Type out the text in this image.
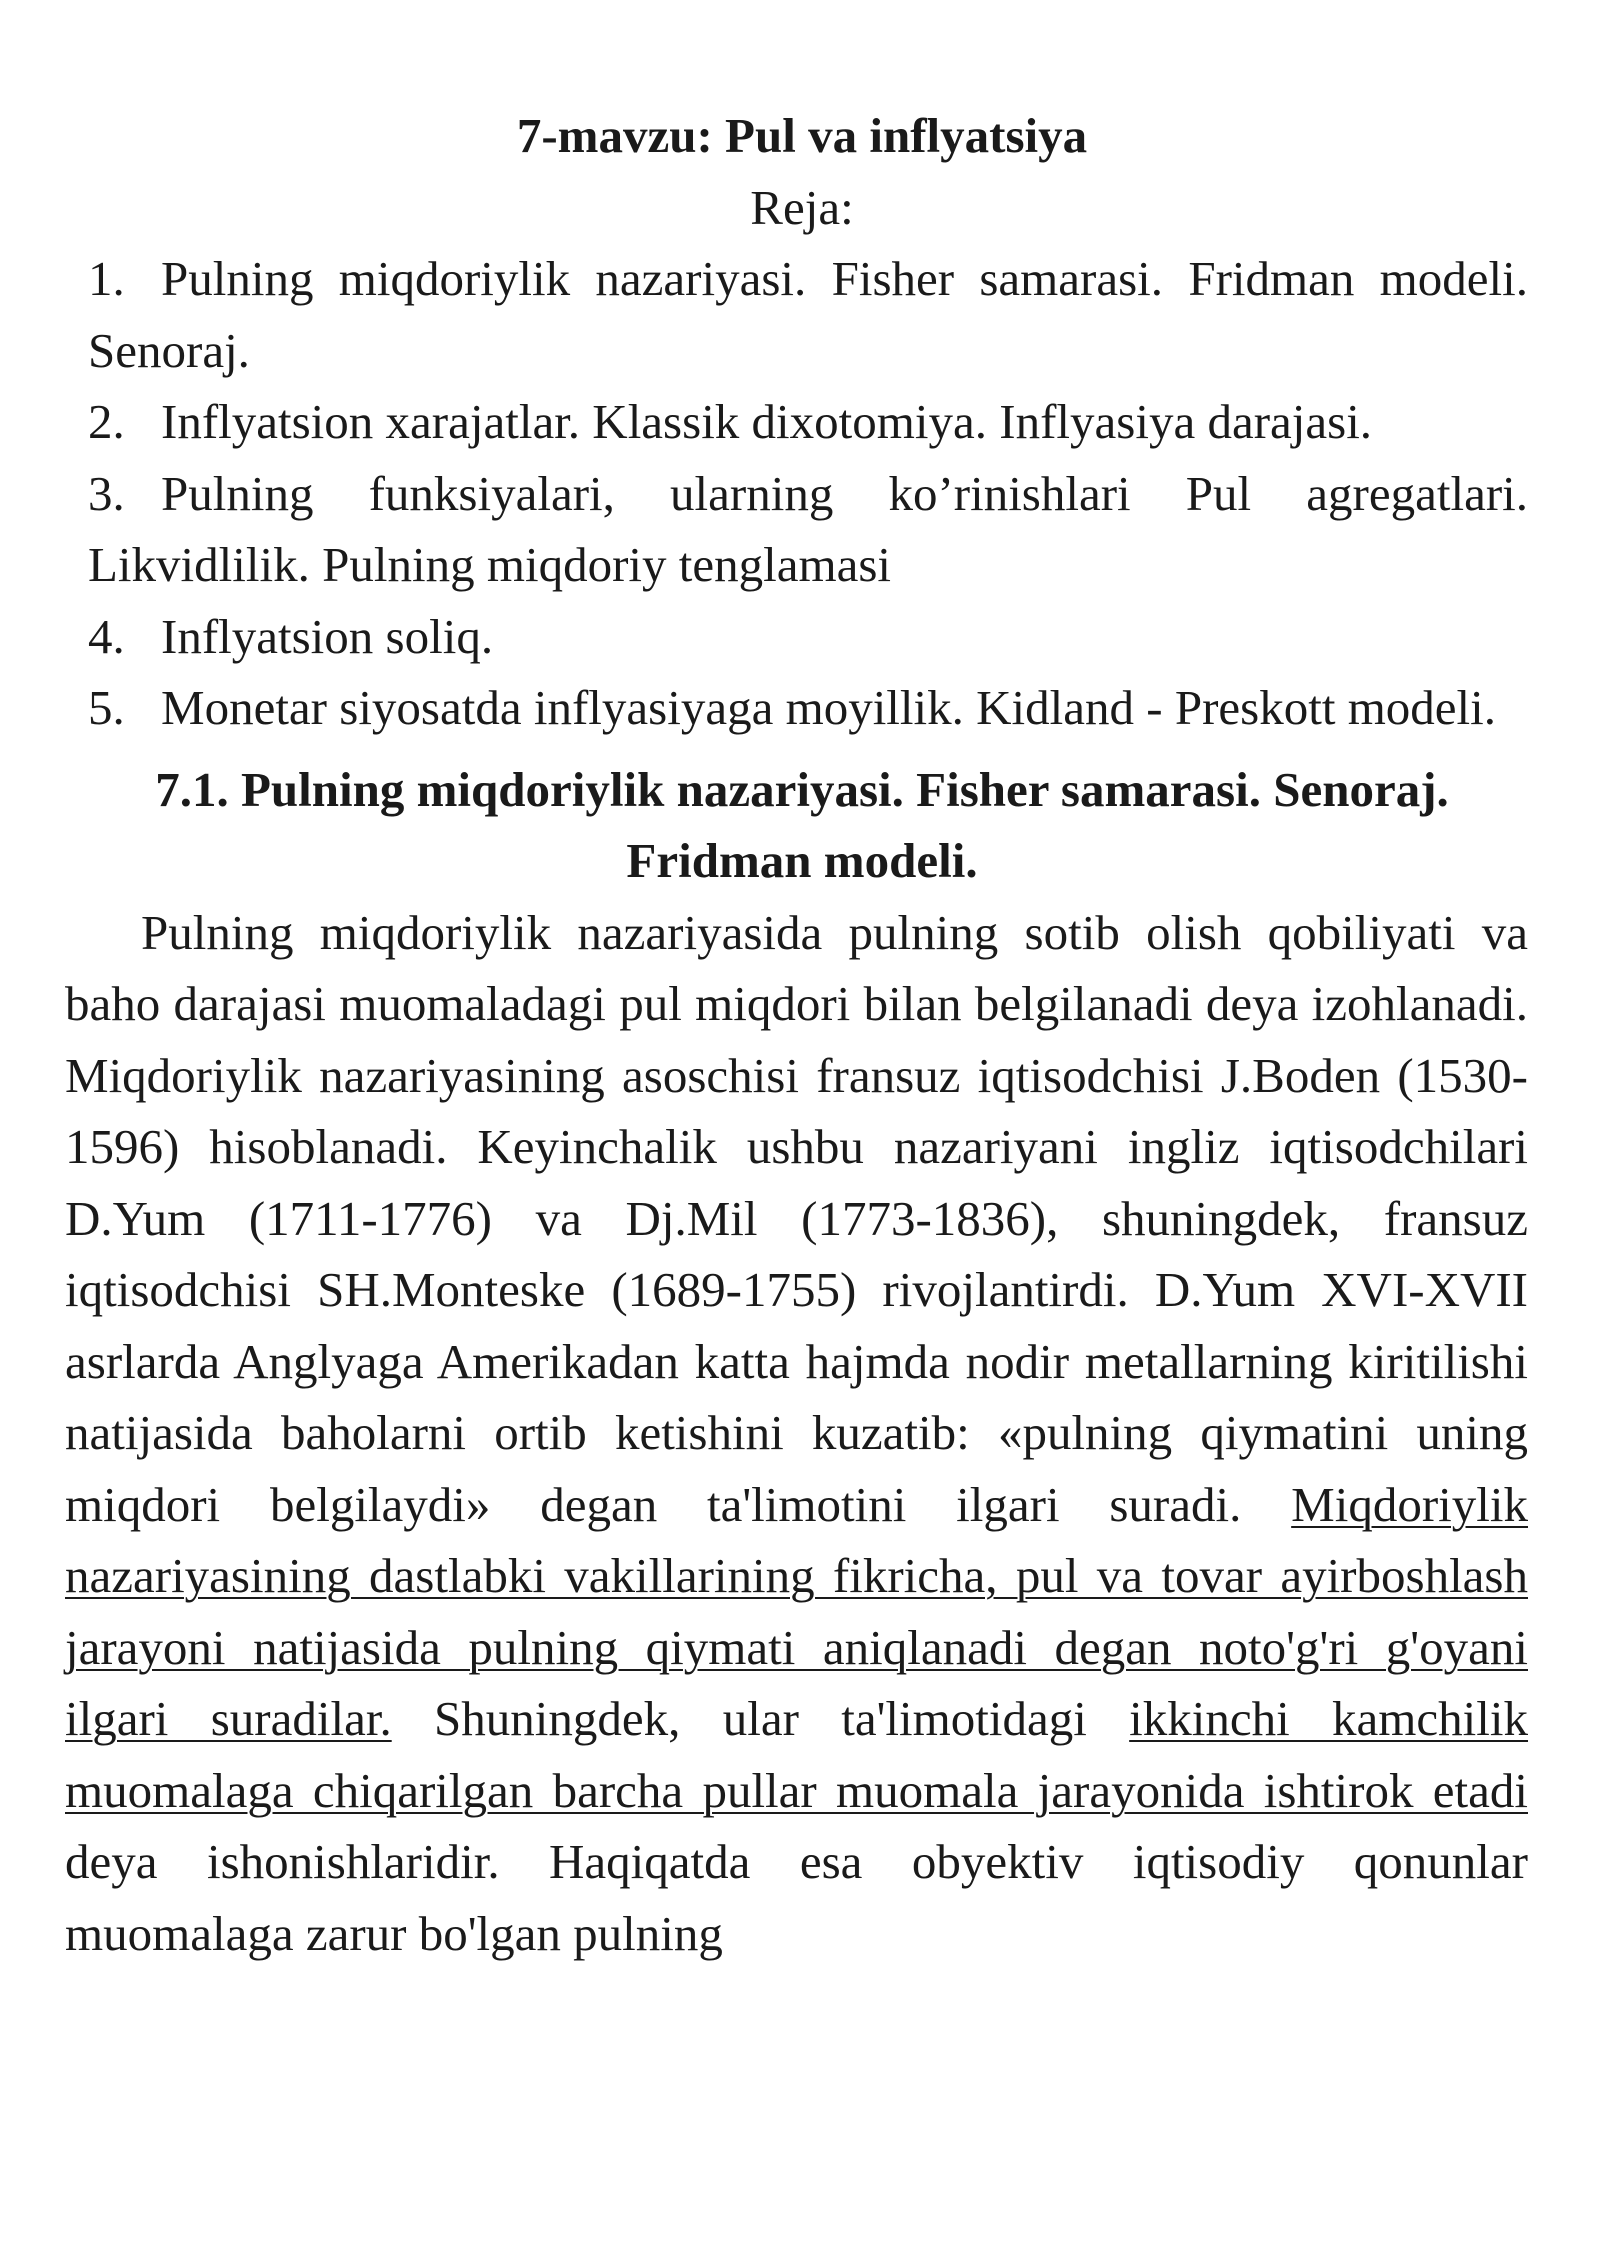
7-mavzu: Pul va inflyatsiya

Reja:

1. Pulning miqdoriylik nazariyasi. Fisher samarasi. Fridman modeli. Senoraj.
2. Inflyatsion xarajatlar. Klassik dixotomiya. Inflyasiya darajasi.
3. Pulning funksiyalari, ularning ko’rinishlari Pul agregatlari. Likvidlilik. Pulning miqdoriy tenglamasi
4. Inflyatsion soliq.
5. Monetar siyosatda inflyasiyaga moyillik. Kidland - Preskott modeli.

7.1. Pulning miqdoriylik nazariyasi. Fisher samarasi. Senoraj. Fridman modeli.

Pulning miqdoriylik nazariyasida pulning sotib olish qobiliyati va baho darajasi muomaladagi pul miqdori bilan belgilanadi deya izohlanadi. Miqdoriylik nazariyasining asoschisi fransuz iqtisodchisi J.Boden (1530-1596) hisoblanadi. Keyinchalik ushbu nazariyani ingliz iqtisodchilari D.Yum (1711-1776) va Dj.Mil (1773-1836), shuningdek, fransuz iqtisodchisi SH.Monteske (1689-1755) rivojlantirdi. D.Yum XVI-XVII asrlarda Anglyaga Amerikadan katta hajmda nodir metallarning kiritilishi natijasida baholarni ortib ketishini kuzatib: «pulning qiymatini uning miqdori belgilaydi» degan ta'limotini ilgari suradi. Miqdoriylik nazariyasining dastlabki vakillarining fikricha, pul va tovar ayirboshlash jarayoni natijasida pulning qiymati aniqlanadi degan noto'g'ri g'oyani ilgari suradilar. Shuningdek, ular ta'limotidagi ikkinchi kamchilik muomalaga chiqarilgan barcha pullar muomala jarayonida ishtirok etadi deya ishonishlaridir. Haqiqatda esa obyektiv iqtisodiy qonunlar muomalaga zarur bo'lgan pulning
